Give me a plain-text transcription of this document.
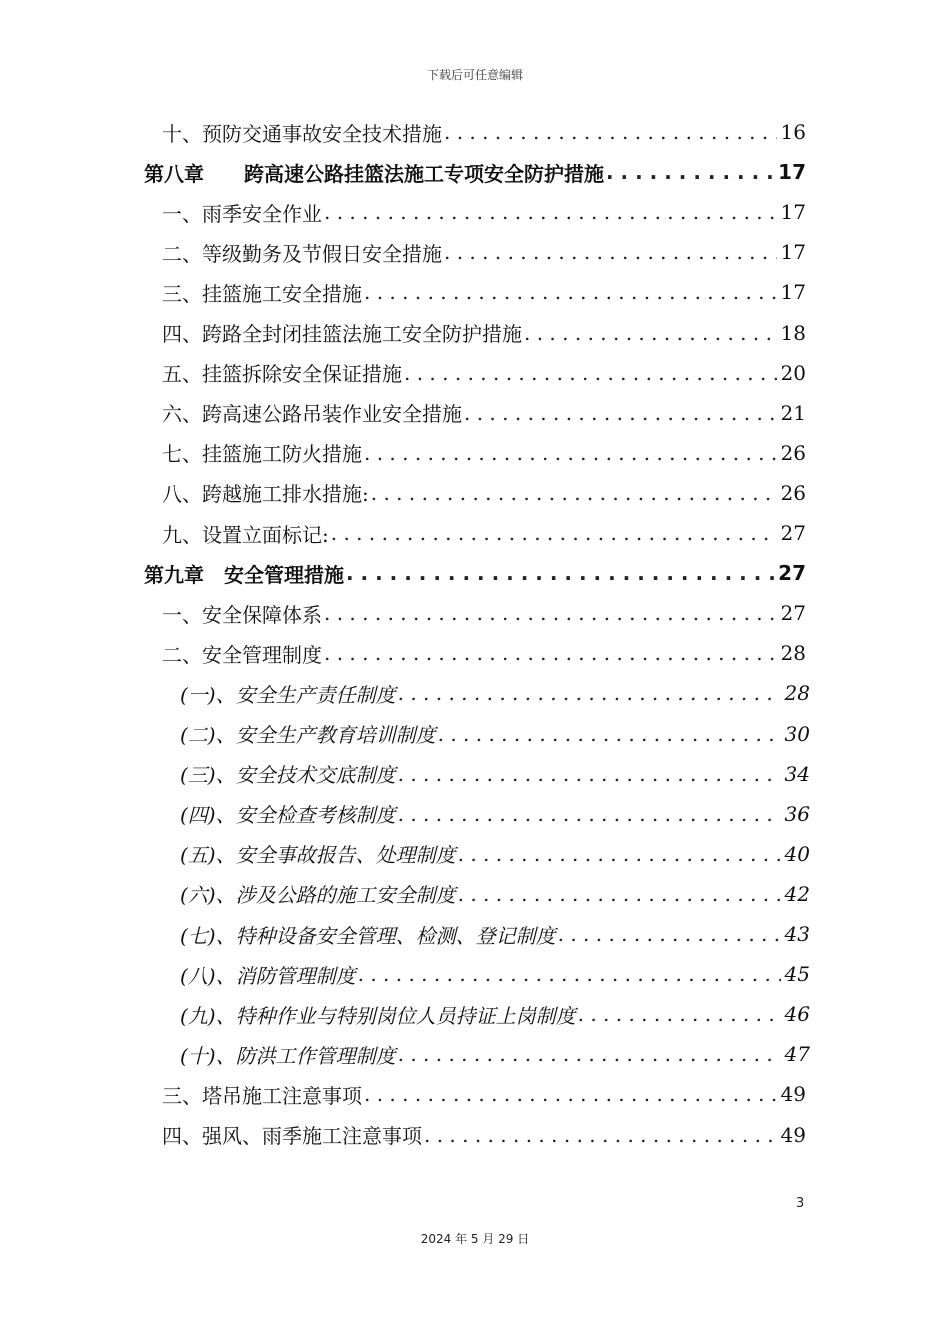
下载后可任意编辑
十、预防交通事故安全技术措施 . . .	16
第八章　　跨高速公路挂篮法施工专项安全防护措施 . . .	17
一、雨季安全作业 . . .	17
二、等级勤务及节假日安全措施 . . .	17
三、挂篮施工安全措施 . . .	17
四、跨路全封闭挂篮法施工安全防护措施 . . .	18
五、挂篮拆除安全保证措施 . . .	20
六、跨高速公路吊装作业安全措施 . . .	21
七、挂篮施工防火措施 . . .	26
八、跨越施工排水措施: . . .	26
九、设置立面标记: . . .	27
第九章　安全管理措施 . . .	27
一、安全保障体系 . . .	27
二、安全管理制度 . . .	28
(一)、安全生产责任制度 . . .	28
(二)、安全生产教育培训制度 . . .	30
(三)、安全技术交底制度 . . .	34
(四)、安全检查考核制度 . . .	36
(五)、安全事故报告、处理制度 . . .	40
(六)、涉及公路的施工安全制度 . . .	42
(七)、特种设备安全管理、检测、登记制度 . . .	43
(八)、消防管理制度 . . .	45
(九)、特种作业与特别岗位人员持证上岗制度 . . .	46
(十)、防洪工作管理制度 . . .	47
三、塔吊施工注意事项 . . .	49
四、强风、雨季施工注意事项 . . .	49
3
2024 年 5 月 29 日
